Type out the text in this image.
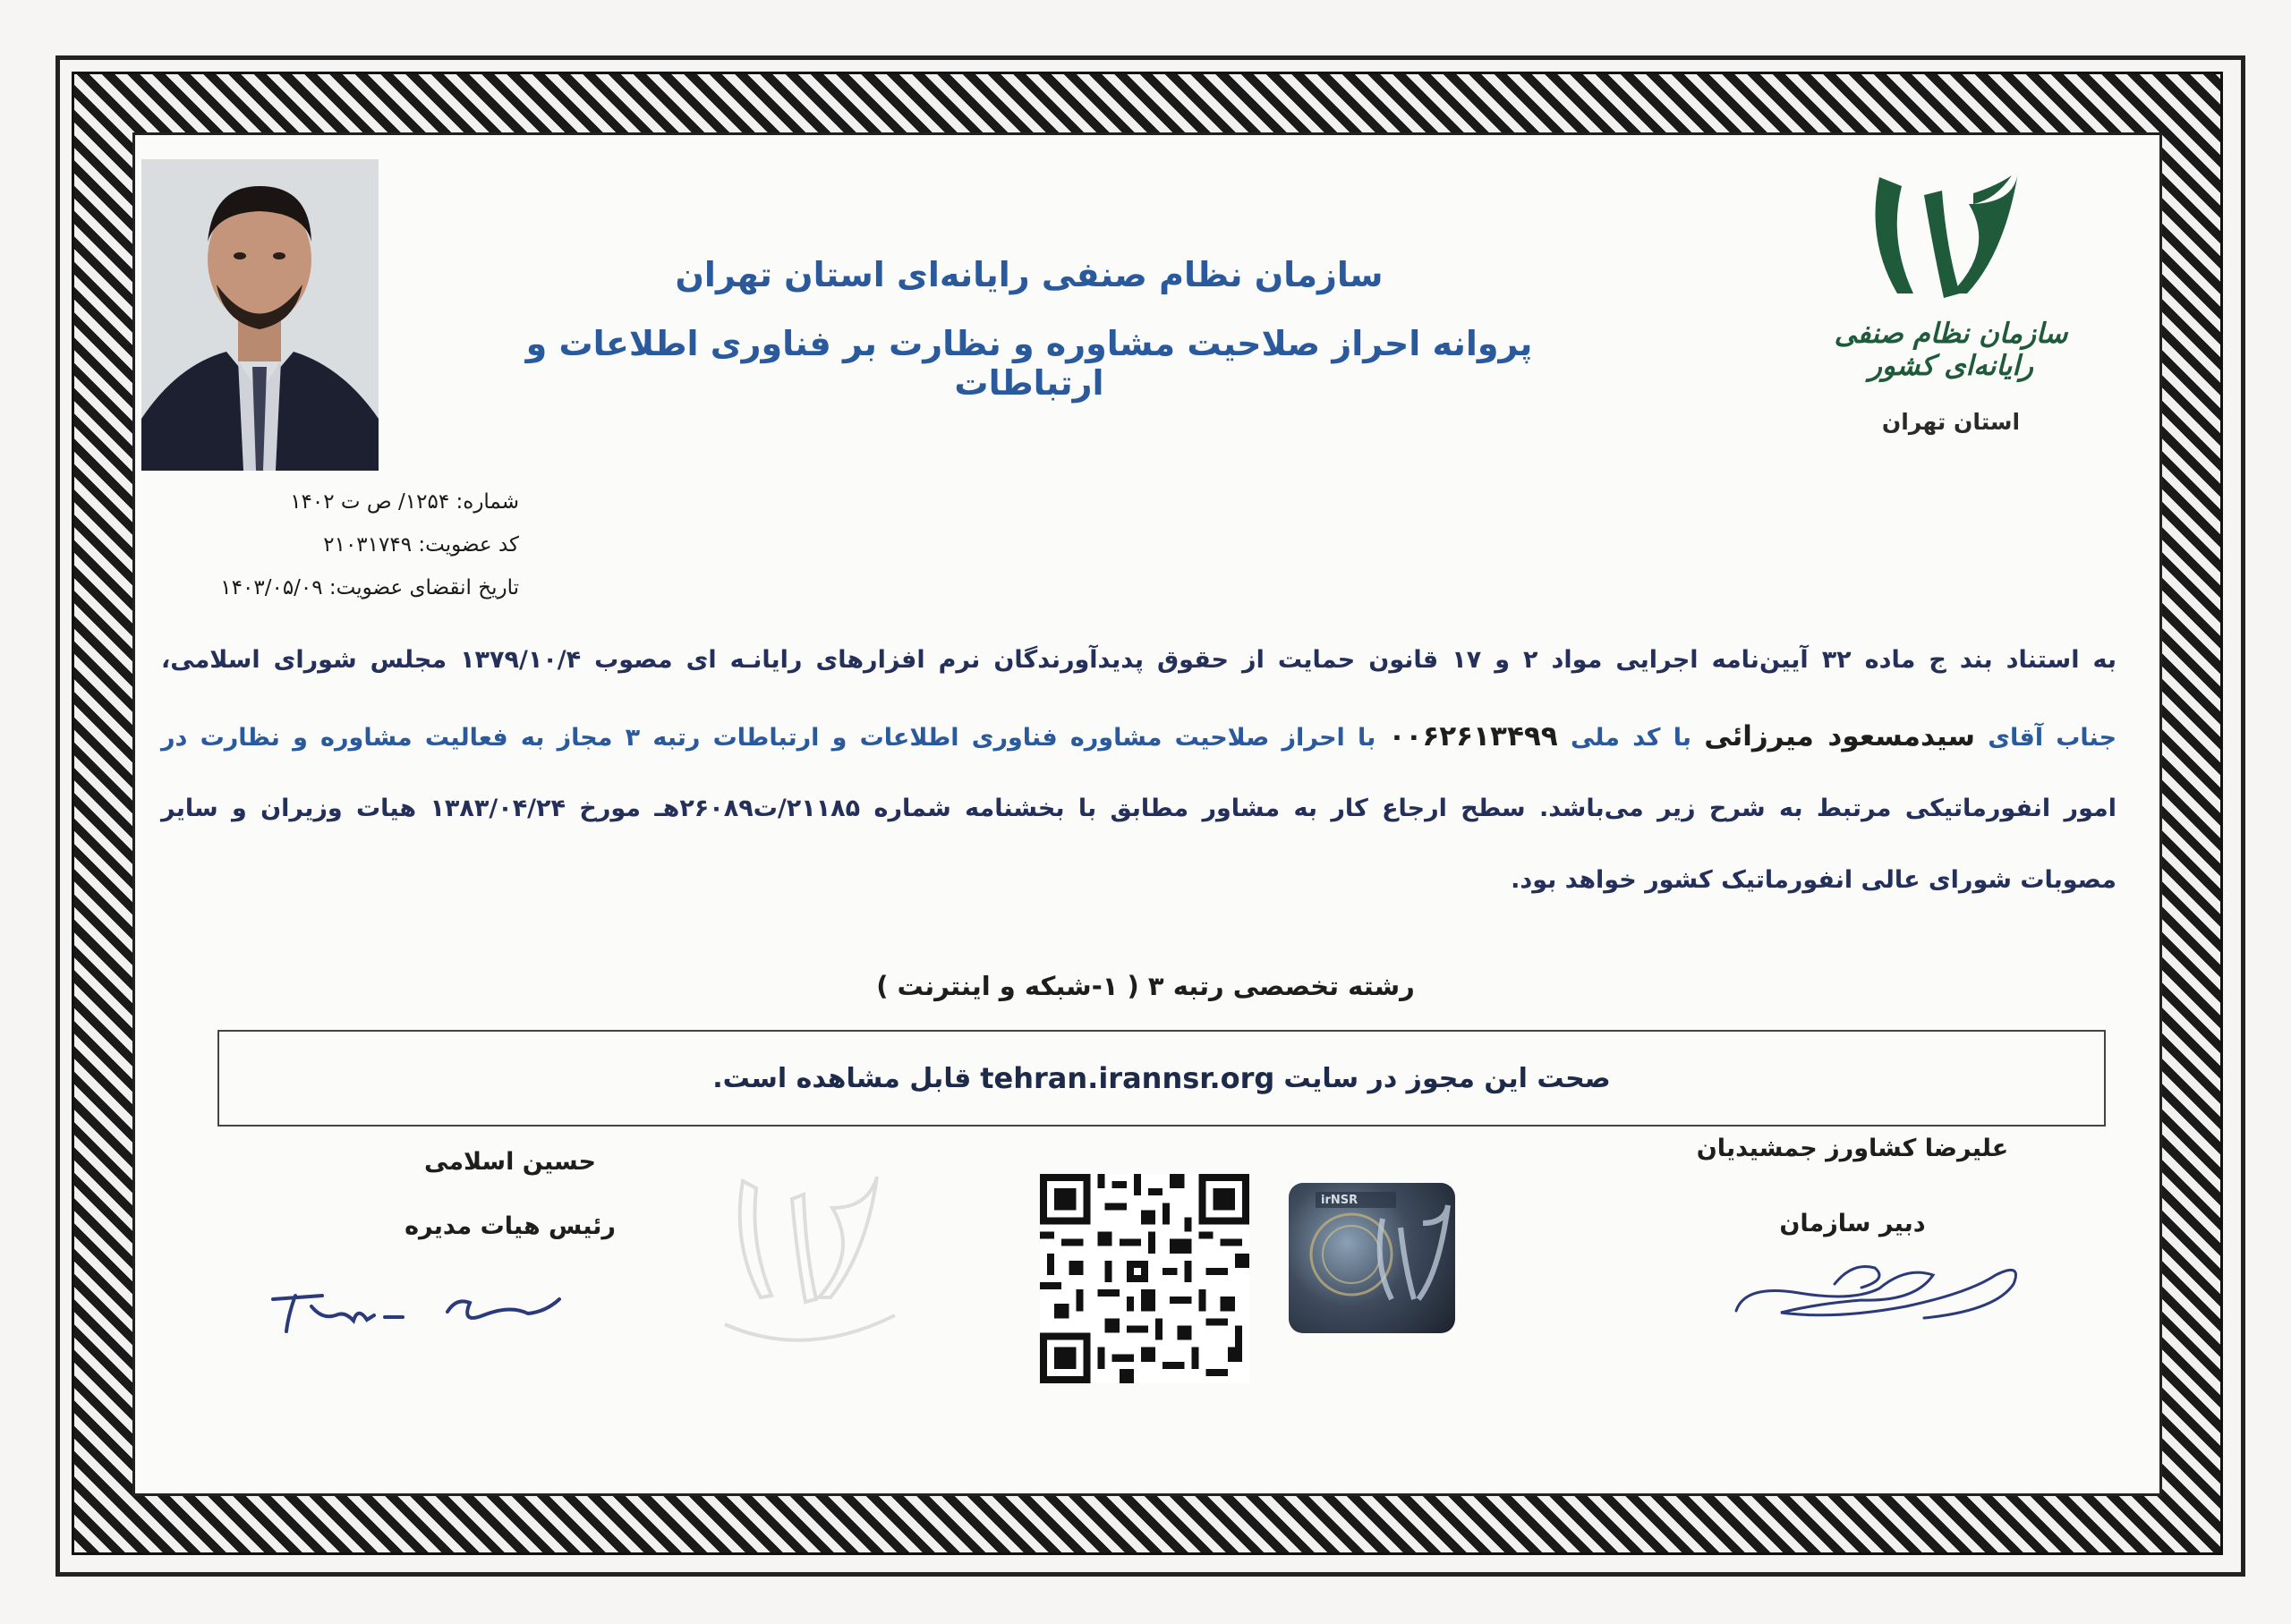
شماره: ۱۲۵۴/ ص ت ۱۴۰۲
کد عضویت: ۲۱۰۳۱۷۴۹
تاریخ انقضای عضویت: ۱۴۰۳/۰۵/۰۹
سازمان نظام صنفی رایانه‌ای استان تهران
پروانه احراز صلاحیت مشاوره و نظارت بر فناوری اطلاعات و ارتباطات
سازمان نظام صنفی رایانه‌ای کشور
استان تهران
به استناد بند ج ماده ۳۲ آیین‌نامه اجرایی مواد ۲ و ۱۷ قانون حمایت از حقوق پدیدآورندگان نرم افزارهای رایانـه ای مصوب ۱۳۷۹/۱۰/۴ مجلس شورای اسلامی،
جناب آقای سیدمسعود میرزائی با کد ملی ۰۰۶۲۶۱۳۴۹۹ با احراز صلاحیت مشاوره فناوری اطلاعات و ارتباطات رتبه ۳ مجاز به فعالیت مشاوره و نظارت در
امور انفورماتیکی مرتبط به شرح زیر می‌باشد. سطح ارجاع کار به مشاور مطابق با بخشنامه شماره ۲۱۱۸۵/ت۲۶۰۸۹هـ مورخ ۱۳۸۳/۰۴/۲۴ هیات وزیران و سایر
مصوبات شورای عالی انفورماتیک کشور خواهد بود.
رشته تخصصی رتبه ۳ ( ۱-شبکه و اینترنت )
صحت این مجوز در سایت
tehran.irannsr.org
قابل مشاهده است.
حسین اسلامی
رئیس هیات مدیره
علیرضا کشاورز جمشیدیان
دبیر سازمان
irNSR
